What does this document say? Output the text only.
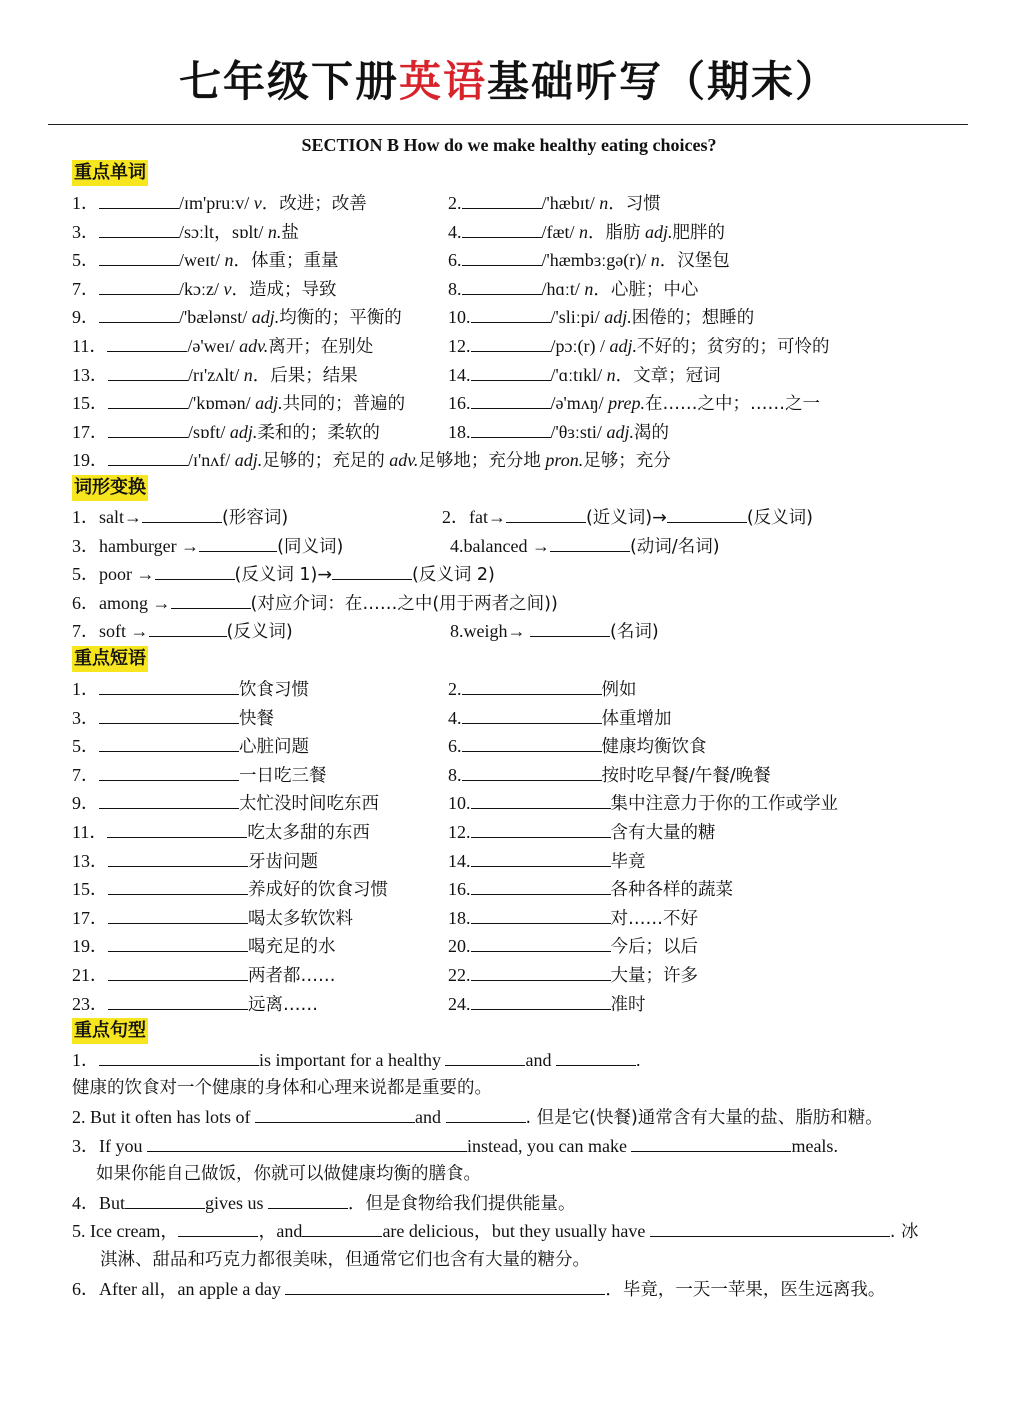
七年级下册英语基础听写（期末）
SECTION B How do we make healthy eating choices?
重点单词
1．	/ɪm'pruːv/ v．改进；改善	2.	/'hæbɪt/ n．习惯
3．	/sɔːlt，sɒlt/ n.盐	4.	/fæt/ n．脂肪 adj.肥胖的
5．	/weɪt/ n．体重；重量	6.	/'hæmbɜːgə(r)/ n．汉堡包
7．	/kɔːz/ v．造成；导致	8.	/hɑːt/ n．心脏；中心
9．	/'bælənst/ adj.均衡的；平衡的	10.	/'sliːpi/ adj.困倦的；想睡的
11．	/ə'weɪ/ adv.离开；在别处	12.	/pɔː(r) / adj.不好的；贫穷的；可怜的
13．	/rɪ'zʌlt/ n．后果；结果	14.	/'ɑːtɪkl/ n．文章；冠词
15．	/'kɒmən/ adj.共同的；普遍的 16.	/ə'mʌŋ/ prep.在……之中；……之一
17．	/sɒft/ adj.柔和的；柔软的	18.	/'θɜːsti/ adj.渴的
19．	/ɪ'nʌf/ adj.足够的；充足的 adv.足够地；充分地 pron.足够；充分
词形变换
1．salt→	(形容词)	2．fat→	(近义词)→	(反义词)
3．hamburger →	(同义词)	4.balanced →	(动词/名词)
5．poor →	(反义词 1)→	(反义词 2)
6．among →	(对应介词：在……之中(用于两者之间))
7．soft →	(反义词)	8.weigh→	(名词)
重点短语
1．	饮食习惯	2.	例如
3．	快餐	4.	体重增加
5．	心脏问题	6.	健康均衡饮食
7．	一日吃三餐	8.	按时吃早餐/午餐/晚餐
9．	太忙没时间吃东西	10.	集中注意力于你的工作或学业
11．	吃太多甜的东西	12.	含有大量的糖
13．	牙齿问题	14.	毕竟
15．	养成好的饮食习惯	16.	各种各样的蔬菜
17．	喝太多软饮料	18.	对……不好
19．	喝充足的水	20.	今后；以后
21．	两者都……	22.	大量；许多
23．	远离……	24.	准时
重点句型
1．	is important for a healthy	and	.
健康的饮食对一个健康的身体和心理来说都是重要的。
2. But it often has lots of	and	. 但是它(快餐)通常含有大量的盐、脂肪和糖。
3．If you	instead, you can make	meals.
如果你能自己做饭，你就可以做健康均衡的膳食。
4．But	gives us	．但是食物给我们提供能量。
5. Ice cream，	，and	are delicious，but they usually have	. 冰
淇淋、甜品和巧克力都很美味，但通常它们也含有大量的糖分。
6．After all，an apple a day	．毕竟，一天一苹果，医生远离我。
